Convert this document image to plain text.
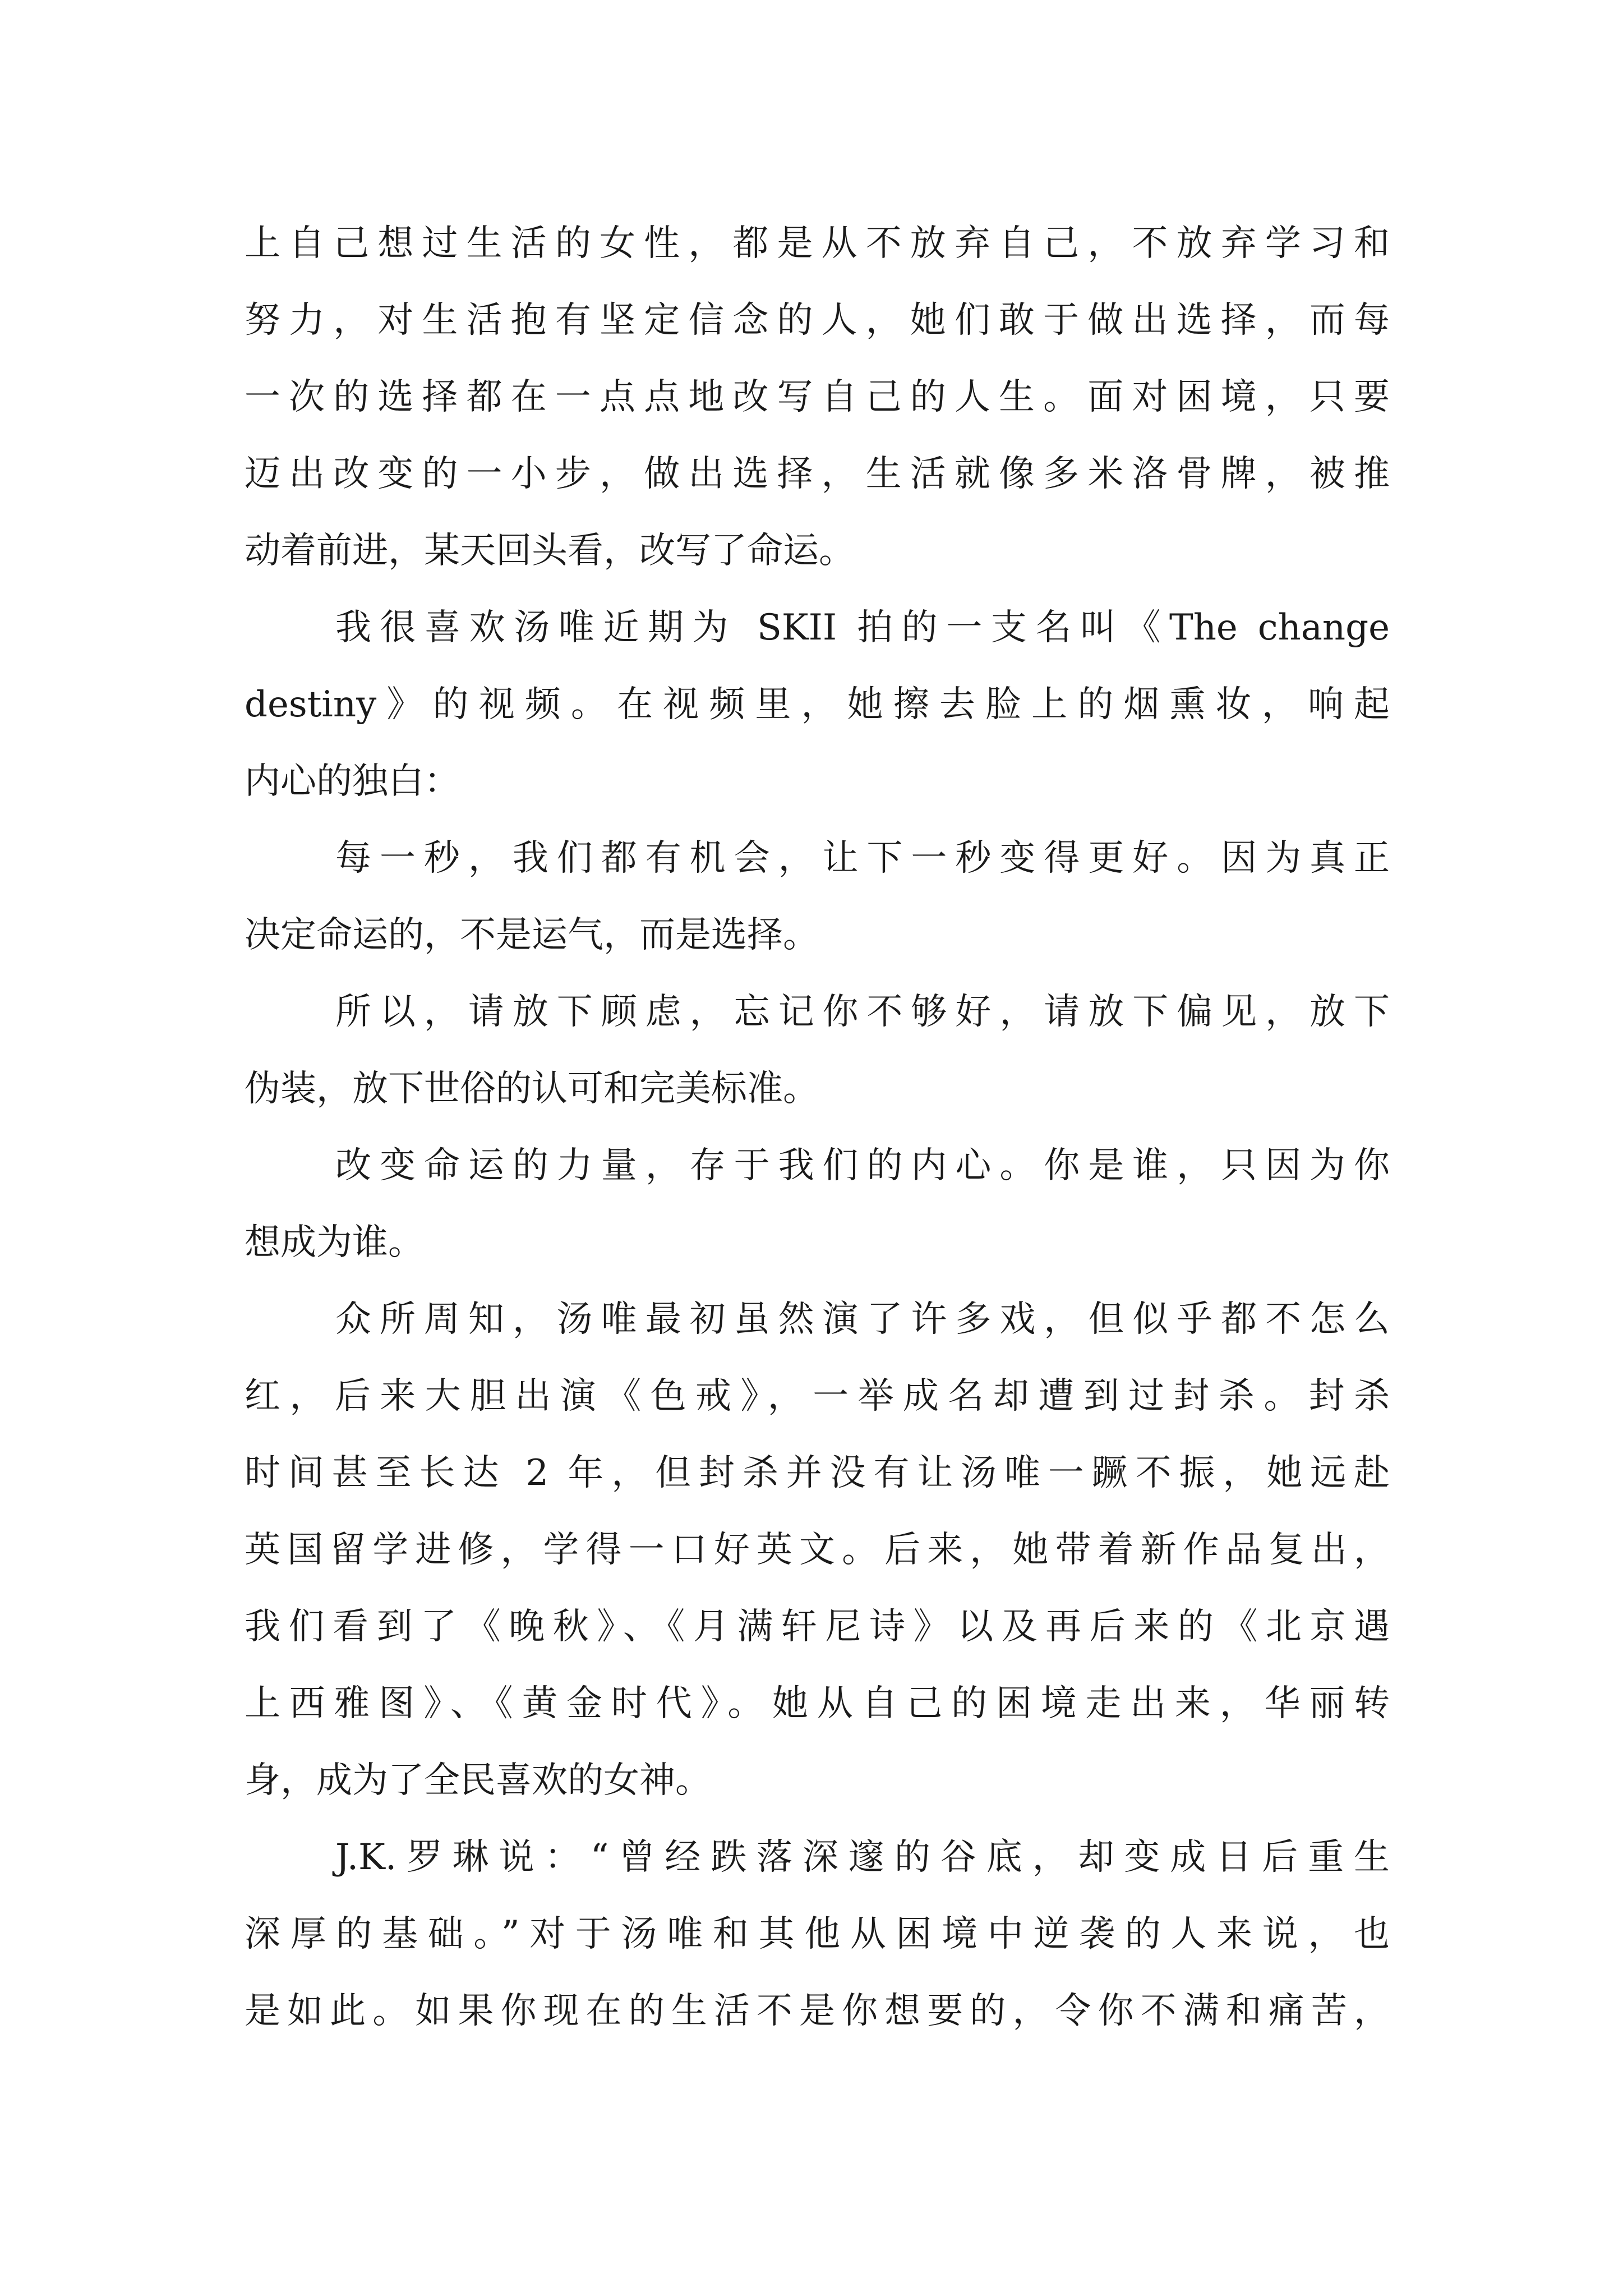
上自己想过生活的女性，都是从不放弃自己，不放弃学习和
努力，对生活抱有坚定信念的人，她们敢于做出选择，而每
一次的选择都在一点点地改写自己的人生。面对困境，只要
迈出改变的一小步，做出选择，生活就像多米洛骨牌，被推
动着前进，某天回头看，改写了命运。
我很喜欢汤唯近期为 SKII 拍的一支名叫《The change
destiny》的视频。在视频里，她擦去脸上的烟熏妆，响起
内心的独白：
每一秒，我们都有机会，让下一秒变得更好。因为真正
决定命运的，不是运气，而是选择。
所以，请放下顾虑，忘记你不够好，请放下偏见，放下
伪装，放下世俗的认可和完美标准。
改变命运的力量，存于我们的内心。你是谁，只因为你
想成为谁。
众所周知，汤唯最初虽然演了许多戏，但似乎都不怎么
红，后来大胆出演《色戒》，一举成名却遭到过封杀。封杀
时间甚至长达 2 年，但封杀并没有让汤唯一蹶不振，她远赴
英国留学进修，学得一口好英文。后来，她带着新作品复出，
我们看到了《晚秋》、《月满轩尼诗》以及再后来的《北京遇
上西雅图》、《黄金时代》。她从自己的困境走出来，华丽转
身，成为了全民喜欢的女神。
J.K.罗琳说：“曾经跌落深邃的谷底，却变成日后重生
深厚的基础。”对于汤唯和其他从困境中逆袭的人来说，也
是如此。如果你现在的生活不是你想要的，令你不满和痛苦，
